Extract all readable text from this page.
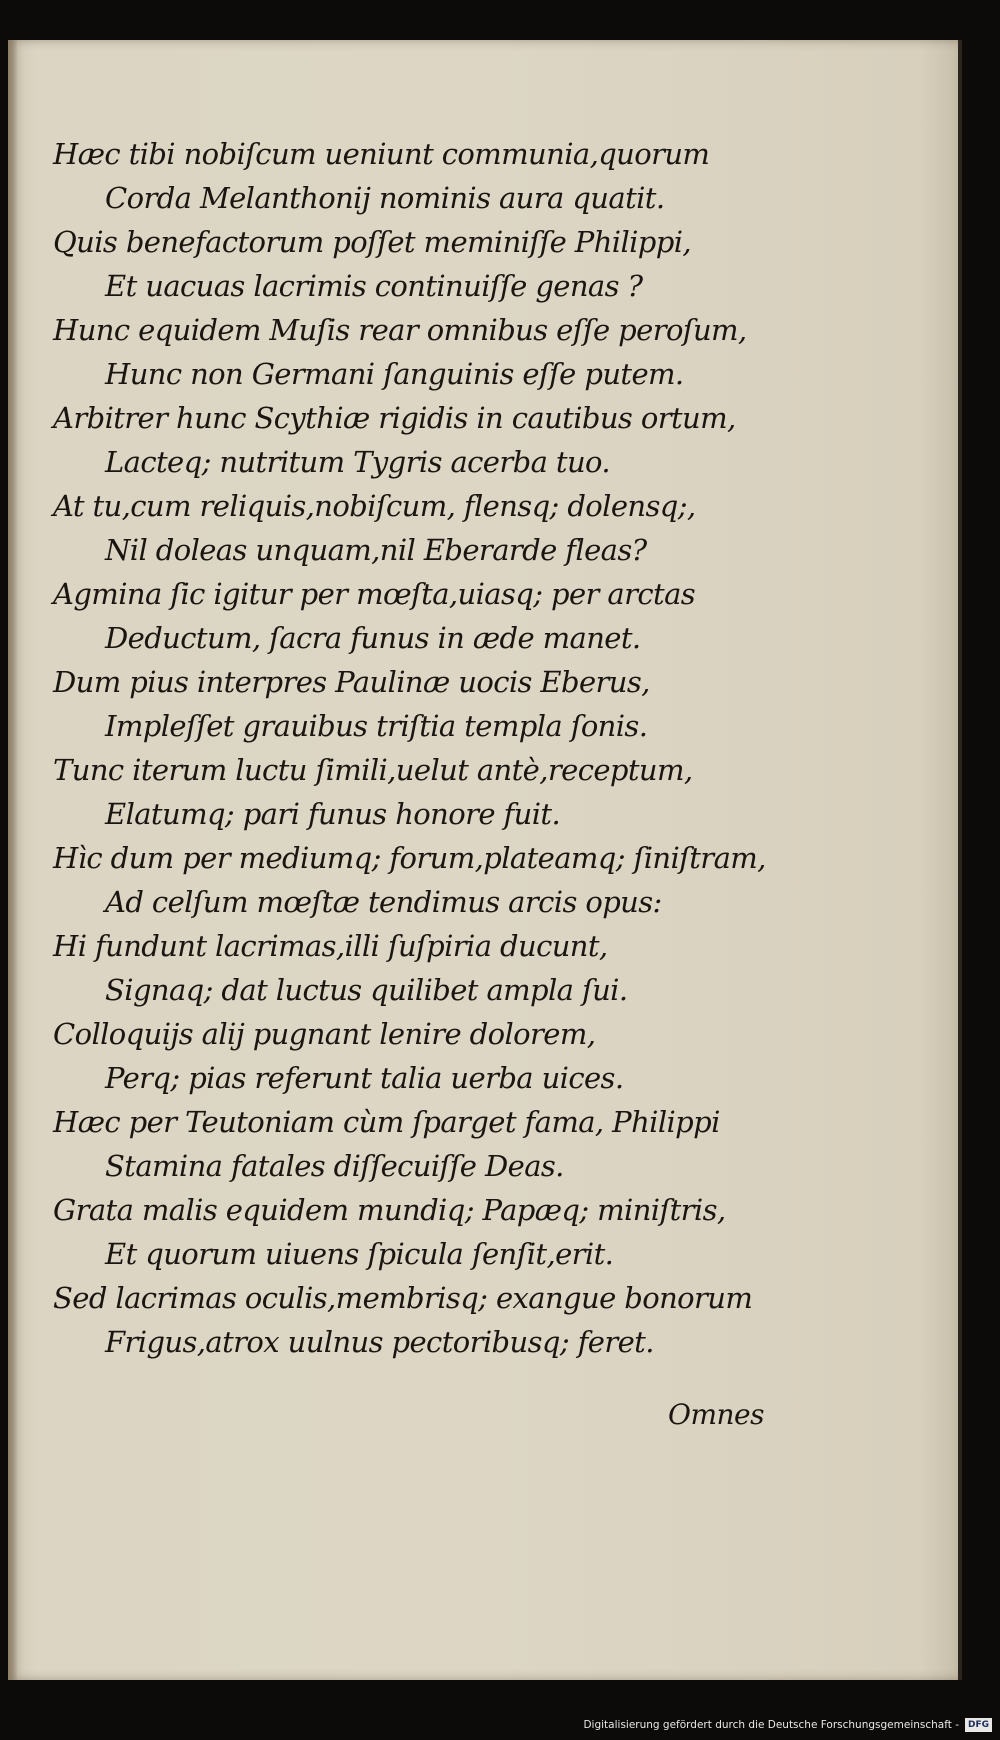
Hæc tibi nobiſcum ueniunt communia,quorum
Corda Melanthonij nominis aura quatit.
Quis benefactorum poſſet meminiſſe Philippi,
Et uacuas lacrimis continuiſſe genas ?
Hunc equidem Muſis rear omnibus eſſe peroſum,
Hunc non Germani ſanguinis eſſe putem.
Arbitrer hunc Scythiæ rigidis in cautibus ortum,
Lacteq; nutritum Tygris acerba tuo.
At tu,cum reliquis,nobiſcum, flensq; dolensq;,
Nil doleas unquam,nil Eberarde fleas?
Agmina ſic igitur per mœſta,uiasq; per arctas
Deductum, ſacra funus in æde manet.
Dum pius interpres Paulinæ uocis Eberus,
Impleſſet grauibus triſtia templa ſonis.
Tunc iterum luctu ſimili,uelut antè,receptum,
Elatumq; pari funus honore fuit.
Hìc dum per mediumq; forum,plateamq; ſiniſtram,
Ad celſum mœſtæ tendimus arcis opus:
Hi fundunt lacrimas,illi ſuſpiria ducunt,
Signaq; dat luctus quilibet ampla ſui.
Colloquijs alij pugnant lenire dolorem,
Perq; pias referunt talia uerba uices.
Hæc per Teutoniam cùm ſparget fama, Philippi
Stamina fatales diſſecuiſſe Deas.
Grata malis equidem mundiq; Papæq; miniſtris,
Et quorum uiuens ſpicula ſenſit,erit.
Sed lacrimas oculis,membrisq; exangue bonorum
Frigus,atrox uulnus pectoribusq; feret.
Omnes
Digitalisierung gefördert durch die Deutsche Forschungsgemeinschaft -	DFG
